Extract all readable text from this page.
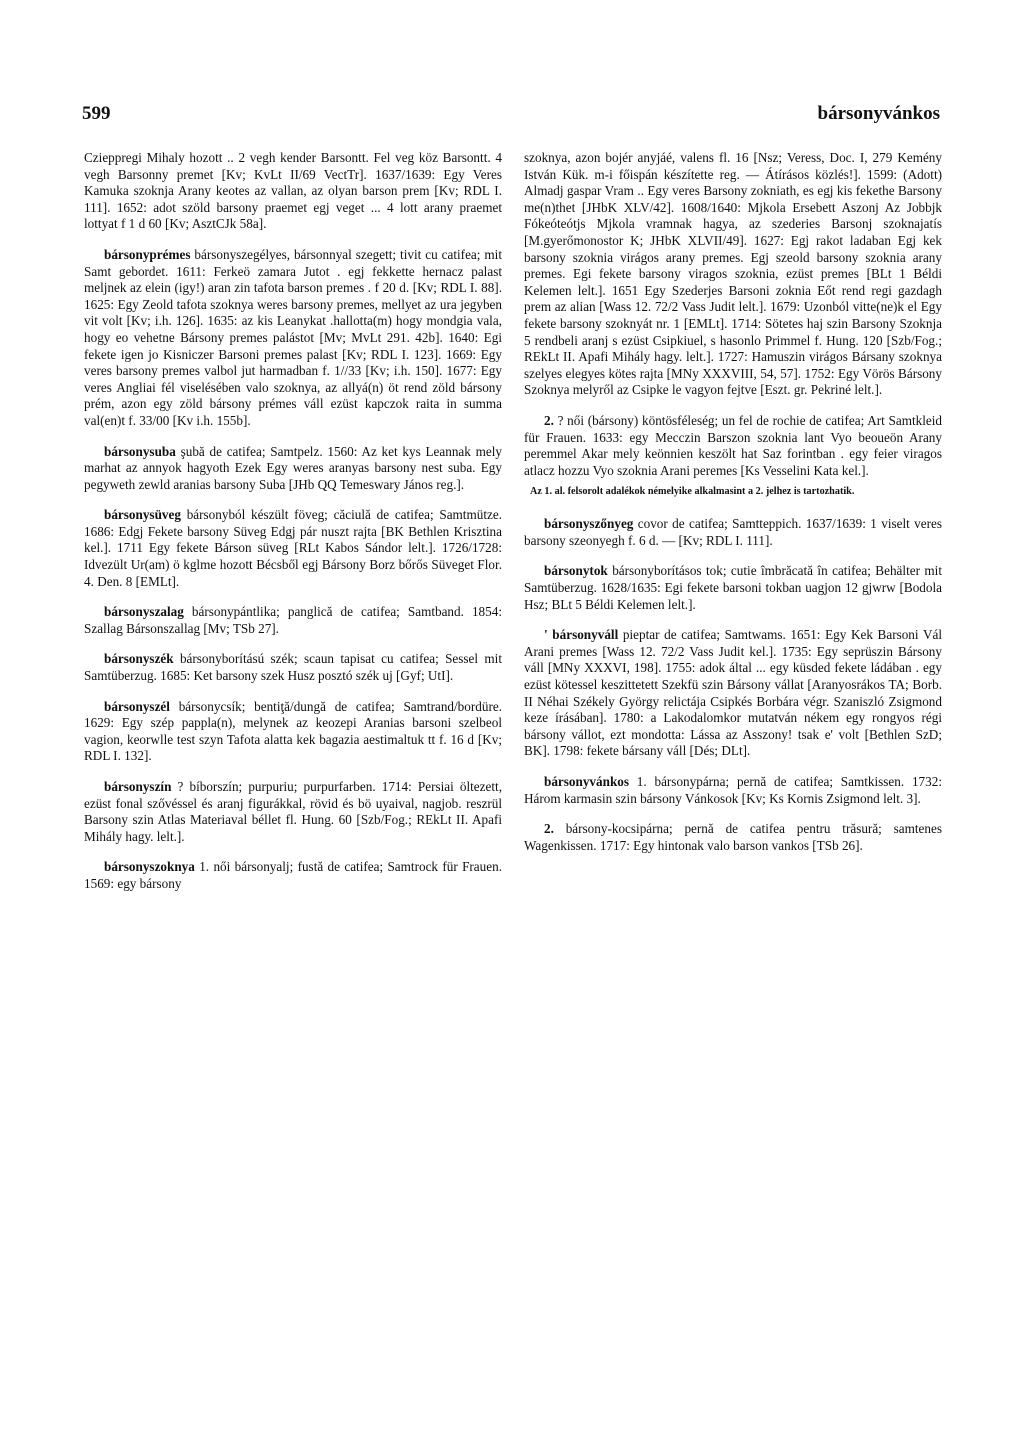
599	bársonyvánkos

Czieppregi Mihaly hozott .. 2 vegh kender Barsontt. Fel veg köz Barsontt. 4 vegh Barsonny premet [Kv; KvLt II/69 VectTr]. 1637/1639: Egy Veres Kamuka szoknja Arany keotes az vallan, az olyan barson prem [Kv; RDL I. 111]. 1652: adot szöld barsony praemet egj veget ... 4 lott arany praemet lottyat f 1 d 60 [Kv; AsztCJk 58a].

bársonyprémes bársonyszegélyes, bársonnyal szegett; tivit cu catifea; mit Samt gebordet. 1611: Ferkeö zamara Jutot . egj fekkette hernacz palast meljnek az elein (igy!) aran zin tafota barson premes . f 20 d. [Kv; RDL I. 88]. 1625: Egy Zeold tafota szoknya weres barsony premes, mellyet az ura jegyben vit volt [Kv; i.h. 126]. 1635: az kis Leanykat .hallotta(m) hogy mondgia vala, hogy eo vehetne Bársony premes palástot [Mv; MvLt 291. 42b]. 1640: Egi fekete igen jo Kisniczer Barsoni premes palast [Kv; RDL I. 123]. 1669: Egy veres barsony premes valbol jut harmadban f. 1//33 [Kv; i.h. 150]. 1677: Egy veres Angliai fél viselésében valo szoknya, az allyá(n) öt rend zöld bársony prém, azon egy zöld bársony prémes váll ezüst kapczok raita in summa val(en)t f. 33/00 [Kv i.h. 155b].

bársonysuba şubă de catifea; Samtpelz. 1560: Az ket kys Leannak mely marhat az annyok hagyoth Ezek Egy weres aranyas barsony nest suba. Egy pegyweth zewld aranias barsony Suba [JHb QQ Temeswary János reg.].

bársonysüveg bársonyból készült föveg; căciulă de catifea; Samtmütze. 1686: Edgj Fekete barsony Süveg Edgj pár nuszt rajta [BK Bethlen Krisztina kel.]. 1711 Egy fekete Bárson süveg [RLt Kabos Sándor lelt.]. 1726/1728: Idvezült Ur(am) ö kglme hozott Bécsből egj Bársony Borz bőrős Süveget Flor. 4. Den. 8 [EMLt].

bársonyszalag bársonypántlika; panglică de catifea; Samtband. 1854: Szallag Bársonszallag [Mv; TSb 27].

bársonyszék bársonyborítású szék; scaun tapisat cu catifea; Sessel mit Samtüberzug. 1685: Ket barsony szek Husz posztó szék uj [Gyf; UtI].

bársonyszél bársonycsík; bentiţă/dungă de catifea; Samtrand/bordüre. 1629: Egy szép pappla(n), melynek az keozepi Aranias barsoni szelbeol vagion, keorwlle test szyn Tafota alatta kek bagazia aestimaltuk tt f. 16 d [Kv; RDL I. 132].

bársonyszín ? bíborszín; purpuriu; purpurfarben. 1714: Persiai öltezett, ezüst fonal szővéssel és aranj figurákkal, rövid és bö uyaival, nagjob. reszrül Barsony szin Atlas Materiaval béllet fl. Hung. 60 [Szb/Fog.; REkLt II. Apafi Mihály hagy. lelt.].

bársonyszoknya 1. női bársonyalj; fustă de catifea; Samtrock für Frauen. 1569: egy bársony

szoknya, azon bojér anyjáé, valens fl. 16 [Nsz; Veress, Doc. I, 279 Kemény István Kük. m-i főispán készítette reg. — Átírásos közlés!]. 1599: (Adott) Almadj gaspar Vram .. Egy veres Barsony zokniath, es egj kis fekethe Barsony me(n)thet [JHbK XLV/42]. 1608/1640: Mjkola Ersebett Aszonj Az Jobbjk Fókeóteótjs Mjkola vramnak hagya, az szederies Barsonj szoknajatís [M.gyerőmonostor K; JHbK XLVII/49]. 1627: Egj rakot ladaban Egj kek barsony szoknia virágos arany premes. Egj szeold barsony szoknia arany premes. Egi fekete barsony viragos szoknia, ezüst premes [BLt 1 Béldi Kelemen lelt.]. 1651 Egy Szederjes Barsoni zoknia Eőt rend regi gazdagh prem az alian [Wass 12. 72/2 Vass Judit lelt.]. 1679: Uzonból vitte(ne)k el Egy fekete barsony szoknyát nr. 1 [EMLt]. 1714: Sötetes haj szin Barsony Szoknja 5 rendbeli aranj s ezüst Csipkiuel, s hasonlo Primmel f. Hung. 120 [Szb/Fog.; REkLt II. Apafi Mihály hagy. lelt.]. 1727: Hamuszin virágos Bársany szoknya szelyes elegyes kötes rajta [MNy XXXVIII, 54, 57]. 1752: Egy Vörös Bársony Szoknya melyről az Csipke le vagyon fejtve [Eszt. gr. Pekriné lelt.].

2. ? női (bársony) köntösféleség; un fel de rochie de catifea; Art Samtkleid für Frauen. 1633: egy Mecczin Barszon szoknia lant Vyo beoueön Arany peremmel Akar mely keönnien keszölt hat Saz forintban . egy feier viragos atlacz hozzu Vyo szoknia Arani peremes [Ks Vesselini Kata kel.].

Az 1. al. felsorolt adalékok némelyike alkalmasint a 2. jelhez is tartozhatik.

bársonyszőnyeg covor de catifea; Samtteppich. 1637/1639: 1 viselt veres barsony szeonyegh f. 6 d. — [Kv; RDL I. 111].

bársonytok bársonyborításos tok; cutie îmbrăcată în catifea; Behälter mit Samtüberzug. 1628/1635: Egi fekete barsoni tokban uagjon 12 gjwrw [Bodola Hsz; BLt 5 Béldi Kelemen lelt.].

' bársonyváll pieptar de catifea; Samtwams. 1651: Egy Kek Barsoni Vál Arani premes [Wass 12. 72/2 Vass Judit kel.]. 1735: Egy seprüszin Bársony váll [MNy XXXVI, 198]. 1755: adok által ... egy küsded fekete ládában . egy ezüst kötessel keszittetett Szekfü szin Bársony vállat [Aranyosrákos TA; Borb. II Néhai Székely György relictája Csipkés Borbára végr. Szaniszló Zsigmond keze írásában]. 1780: a Lakodalomkor mutatván nékem egy rongyos régi bársony vállot, ezt mondotta: Lássa az Asszony! tsak e' volt [Bethlen SzD; BK]. 1798: fekete bársany váll [Dés; DLt].

bársonyvánkos 1. bársonypárna; pernă de catifea; Samtkissen. 1732: Három karmasin szin bársony Vánkosok [Kv; Ks Kornis Zsigmond lelt. 3].

2. bársony-kocsipárna; pernă de catifea pentru trăsură; samtenes Wagenkissen. 1717: Egy hintonak valo barson vankos [TSb 26].
